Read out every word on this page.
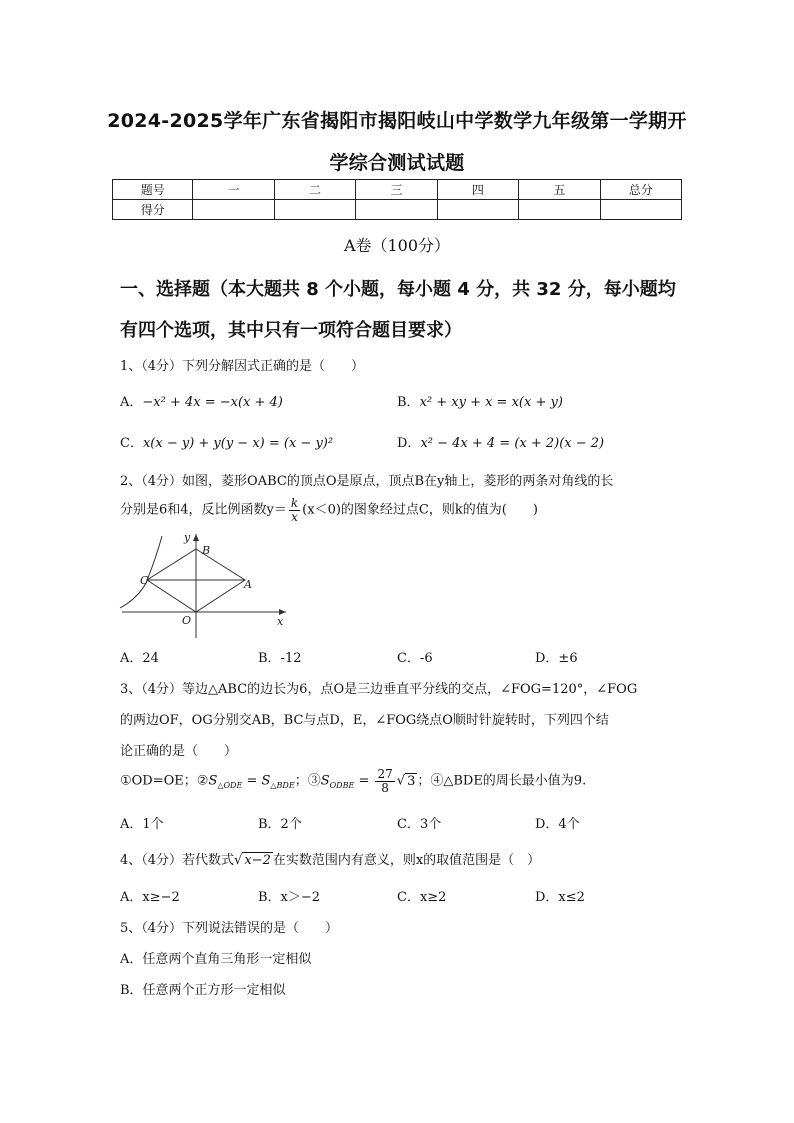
2024-2025学年广东省揭阳市揭阳岐山中学数学九年级第一学期开
学综合测试试题
题号	一	二	三	四	五	总分
得分						
A卷（100分）
一、选择题（本大题共 8 个小题，每小题 4 分，共 32 分，每小题均
有四个选项，其中只有一项符合题目要求）
1、（4分）下列分解因式正确的是（　　）
A．−x² + 4x = −x(x + 4)	B．x² + xy + x = x(x + y)
C．x(x − y) + y(y − x) = (x − y)²	D．x² − 4x + 4 = (x + 2)(x − 2)
2、（4分）如图，菱形OABC的顶点O是原点，顶点B在y轴上，菱形的两条对角线的长
分别是6和4，反比例函数$y= \frac{k}{x} (x<0)$的图象经过点C，则k的值为(　　)
y
B
C	A
O	x
A．24	B．-12	C．-6	D．±6
3、（4分）等边△ABC的边长为6，点O是三边垂直平分线的交点，∠FOG=120°，∠FOG
的两边OF，OG分别交AB，BC与点D，E，∠FOG绕点O顺时针旋转时，下列四个结
论正确的是（　　）
①OD=OE；$②S_{\triangle ODE} = S_{\triangle BDE}$；$③S_{ODBE} = \frac{27}{8}$ √ 3 ；④△BDE的周长最小值为9.
A．1个	B．2个	C．3个	D．4个
4、（4分）若代数式√ x−2 在实数范围内有意义，则x的取值范围是（　）
A．x≥−2	B．x＞−2	C．x≥2	D．x≤2
5、（4分）下列说法错误的是（　　）
A．任意两个直角三角形一定相似
B．任意两个正方形一定相似
